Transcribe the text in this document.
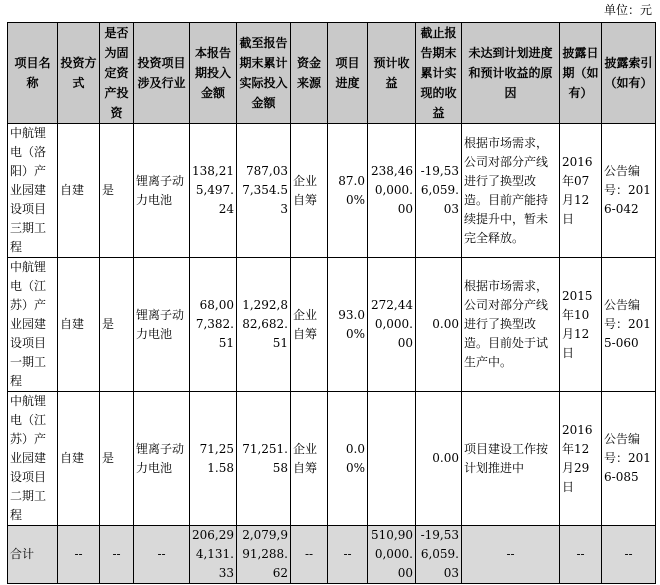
单位：元
项目名称	投资方式	是否为固定资产投资	投资项目涉及行业	本报告期投入金额	截至报告期末累计实际投入金额	资金来源	项目进度	预计收益	截止报告期末累计实现的收益	未达到计划进度和预计收益的原因	披露日期（如有）	披露索引（如有）
中航锂电（洛阳）产业园建设项目三期工程	自建	是	锂离子动力电池	138,215,497.24	787,037,354.53	企业自筹	87.00%	238,460,000.00	-19,536,059.03	根据市场需求，公司对部分产线进行了换型改造。目前产能持续提升中，暂未完全释放。	2016年07月12日	公告编号：2016-042
中航锂电（江苏）产业园建设项目一期工程	自建	是	锂离子动力电池	68,007,382.51	1,292,882,682.51	企业自筹	93.00%	272,440,000.00	0.00	根据市场需求，公司对部分产线进行了换型改造。目前处于试生产中。	2015年10月12日	公告编号：2015-060
中航锂电（江苏）产业园建设项目二期工程	自建	是	锂离子动力电池	71,251.58	71,251.58	企业自筹	0.00%		0.00	项目建设工作按计划推进中	2016年12月29日	公告编号：2016-085
合计	--	--	--	206,294,131.33	2,079,991,288.62	--	--	510,900,000.00	-19,536,059.03	--	--	--
